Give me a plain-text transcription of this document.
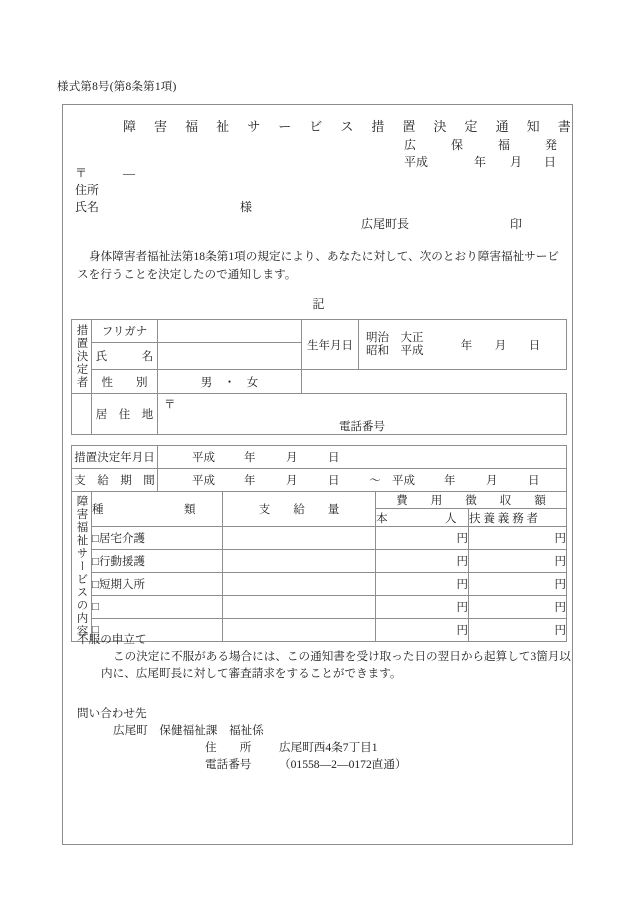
様式第8号(第8条第1項)
障 害 福 祉 サ ー ビ ス 措 置 決 定 通 知 書
広 保 福 発
平成	年 月 日
〒	—
住所
氏名	様
広尾町長	印
身体障害者福祉法第18条第1項の規定により、あなたに対して、次のとおり障害福祉サービスを行うことを決定したので通知します。
記
措置決定者	フリガナ		生年月日	明治　大正
昭和　平成 年 月 日

	氏　　　名			
	性　　別	男　・　女		
	居　住　地	〒
電話番号		
措置決定年月日	平成 年 月 日

支　給　期　間	平成 年 月 日 〜 平成 年 月 日
障害福祉サービスの内容	種　　　　　　　類	支　　給　　量	費　　用　　徴　　収　　額	
			本　　　　　人	扶 養 義 務 者
	□居宅介護		円	円
	□行動援護		円	円
	□短期入所		円	円
	□		円	円
	□		円	円

不服の申立て

この決定に不服がある場合には、この通知書を受け取った日の翌日から起算して3箇月以内に、広尾町長に対して審査請求をすることができます。

問い合わせ先

広尾町　保健福祉課　福祉係

住　　所 広尾町西4条7丁目1

電話番号 （01558—2—0172直通）
